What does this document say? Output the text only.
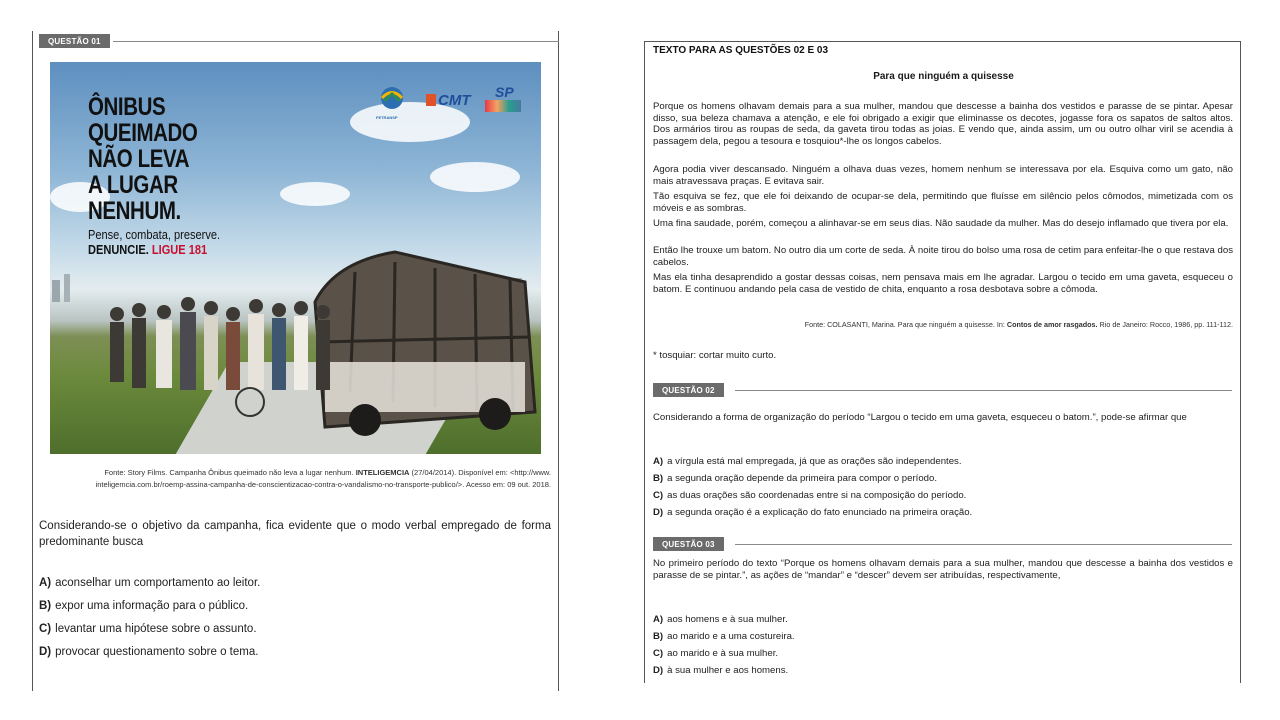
QUESTÃO 01
ÔNIBUS
QUEIMADO
NÃO LEVA
A LUGAR
NENHUM.
Pense, combata, preserve.
DENUNCIE. LIGUE 181
FETRANSP
CMT SP
Fonte: Story Films. Campanha Ônibus queimado não leva a lugar nenhum. INTELIGEMCIA (27/04/2014). Disponível em: <http://www.
inteligemcia.com.br/roemp-assina-campanha-de-conscientizacao-contra-o-vandalismo-no-transporte-publico/>. Acesso em: 09 out. 2018.
Considerando-se o objetivo da campanha, fica evidente que o modo verbal empregado de forma predominante busca
A) aconselhar um comportamento ao leitor.
B) expor uma informação para o público.
C) levantar uma hipótese sobre o assunto.
D) provocar questionamento sobre o tema.
TEXTO PARA AS QUESTÕES 02 E 03
Para que ninguém a quisesse

Porque os homens olhavam demais para a sua mulher, mandou que descesse a bainha dos vestidos e parasse de se pintar. Apesar disso, sua beleza chamava a atenção, e ele foi obrigado a exigir que eliminasse os decotes, jogasse fora os sapatos de saltos altos. Dos armários tirou as roupas de seda, da gaveta tirou todas as joias. E vendo que, ainda assim, um ou outro olhar viril se acendia à passagem dela, pegou a tesoura e tosquiou*-lhe os longos cabelos.

Agora podia viver descansado. Ninguém a olhava duas vezes, homem nenhum se interessava por ela. Esquiva como um gato, não mais atravessava praças. E evitava sair.

Tão esquiva se fez, que ele foi deixando de ocupar-se dela, permitindo que fluísse em silêncio pelos cômodos, mimetizada com os móveis e as sombras.

Uma fina saudade, porém, começou a alinhavar-se em seus dias. Não saudade da mulher. Mas do desejo inflamado que tivera por ela.

Então lhe trouxe um batom. No outro dia um corte de seda. À noite tirou do bolso uma rosa de cetim para enfeitar-lhe o que restava dos cabelos.

Mas ela tinha desaprendido a gostar dessas coisas, nem pensava mais em lhe agradar. Largou o tecido em uma gaveta, esqueceu o batom. E continuou andando pela casa de vestido de chita, enquanto a rosa desbotava sobre a cômoda.

Fonte: COLASANTI, Marina. Para que ninguém a quisesse. In: Contos de amor rasgados. Rio de Janeiro: Rocco, 1986, pp. 111-112.
* tosquiar: cortar muito curto.
QUESTÃO 02
Considerando a forma de organização do período “Largou o tecido em uma gaveta, esqueceu o batom.”, pode-se afirmar que
A) a vírgula está mal empregada, já que as orações são independentes.
B) a segunda oração depende da primeira para compor o período.
C) as duas orações são coordenadas entre si na composição do período.
D) a segunda oração é a explicação do fato enunciado na primeira oração.
QUESTÃO 03
No primeiro período do texto “Porque os homens olhavam demais para a sua mulher, mandou que descesse a bainha dos vestidos e parasse de se pintar.”, as ações de “mandar” e “descer” devem ser atribuídas, respectivamente,
A) aos homens e à sua mulher.
B) ao marido e a uma costureira.
C) ao marido e à sua mulher.
D) à sua mulher e aos homens.
